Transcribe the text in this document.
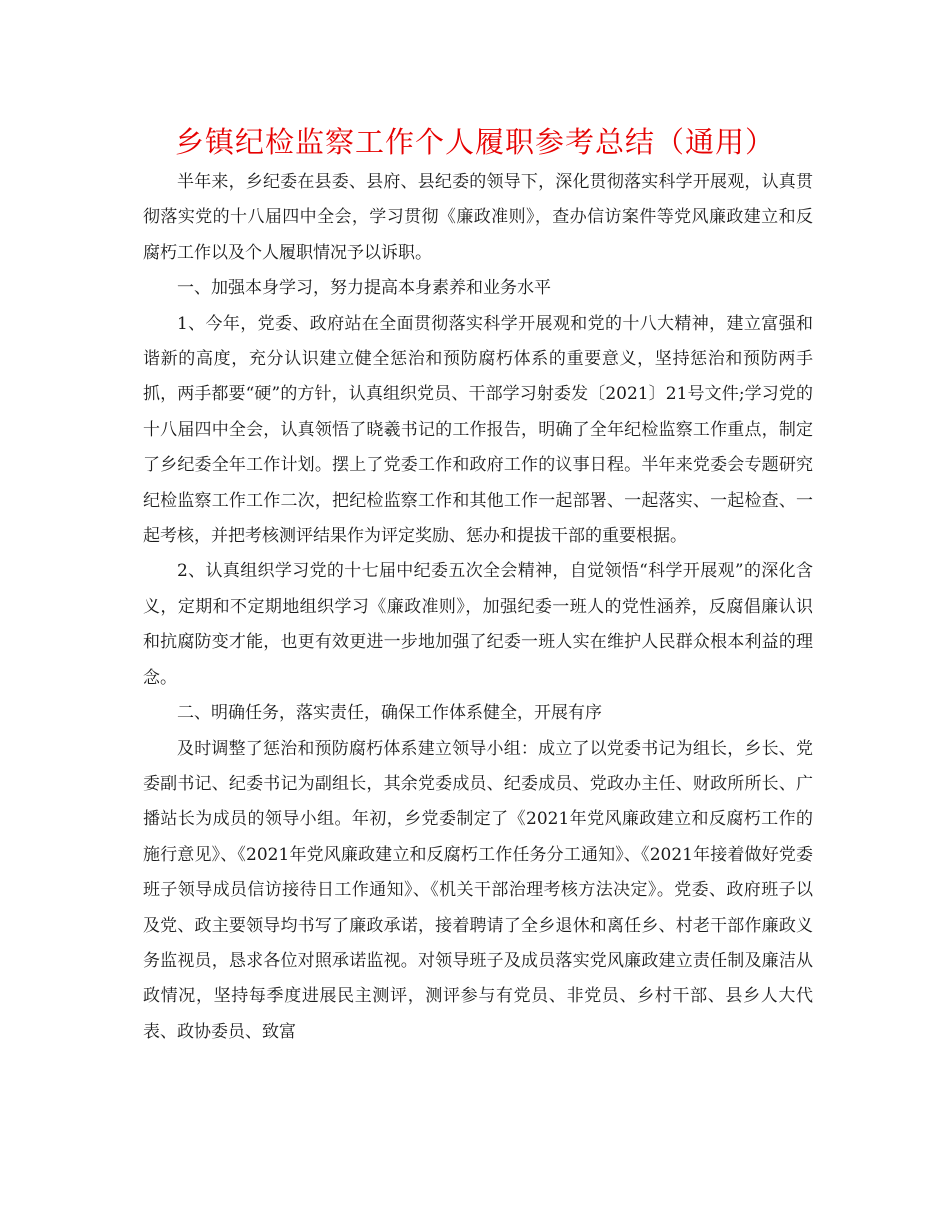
乡镇纪检监察工作个人履职参考总结（通用）

半年来，乡纪委在县委、县府、县纪委的领导下，深化贯彻落实科学开展观，认真贯彻落实党的十八届四中全会，学习贯彻《廉政准则》，查办信访案件等党风廉政建立和反腐朽工作以及个人履职情况予以诉职。

一、加强本身学习，努力提高本身素养和业务水平

1、今年，党委、政府站在全面贯彻落实科学开展观和党的十八大精神，建立富强和谐新的高度，充分认识建立健全惩治和预防腐朽体系的重要意义，坚持惩治和预防两手抓，两手都要“硬”的方针，认真组织党员、干部学习射委发〔2021〕21号文件;学习党的十八届四中全会，认真领悟了晓羲书记的工作报告，明确了全年纪检监察工作重点，制定了乡纪委全年工作计划。摆上了党委工作和政府工作的议事日程。半年来党委会专题研究纪检监察工作工作二次，把纪检监察工作和其他工作一起部署、一起落实、一起检查、一起考核，并把考核测评结果作为评定奖励、惩办和提拔干部的重要根据。

2、认真组织学习党的十七届中纪委五次全会精神，自觉领悟“科学开展观”的深化含义，定期和不定期地组织学习《廉政准则》，加强纪委一班人的党性涵养，反腐倡廉认识和抗腐防变才能，也更有效更进一步地加强了纪委一班人实在维护人民群众根本利益的理念。

二、明确任务，落实责任，确保工作体系健全，开展有序

及时调整了惩治和预防腐朽体系建立领导小组：成立了以党委书记为组长，乡长、党委副书记、纪委书记为副组长，其余党委成员、纪委成员、党政办主任、财政所所长、广播站长为成员的领导小组。年初，乡党委制定了《2021年党风廉政建立和反腐朽工作的施行意见》、《2021年党风廉政建立和反腐朽工作任务分工通知》、《2021年接着做好党委班子领导成员信访接待日工作通知》、《机关干部治理考核方法决定》。党委、政府班子以及党、政主要领导均书写了廉政承诺，接着聘请了全乡退休和离任乡、村老干部作廉政义务监视员，恳求各位对照承诺监视。对领导班子及成员落实党风廉政建立责任制及廉洁从政情况，坚持每季度进展民主测评，测评参与有党员、非党员、乡村干部、县乡人大代表、政协委员、致富
